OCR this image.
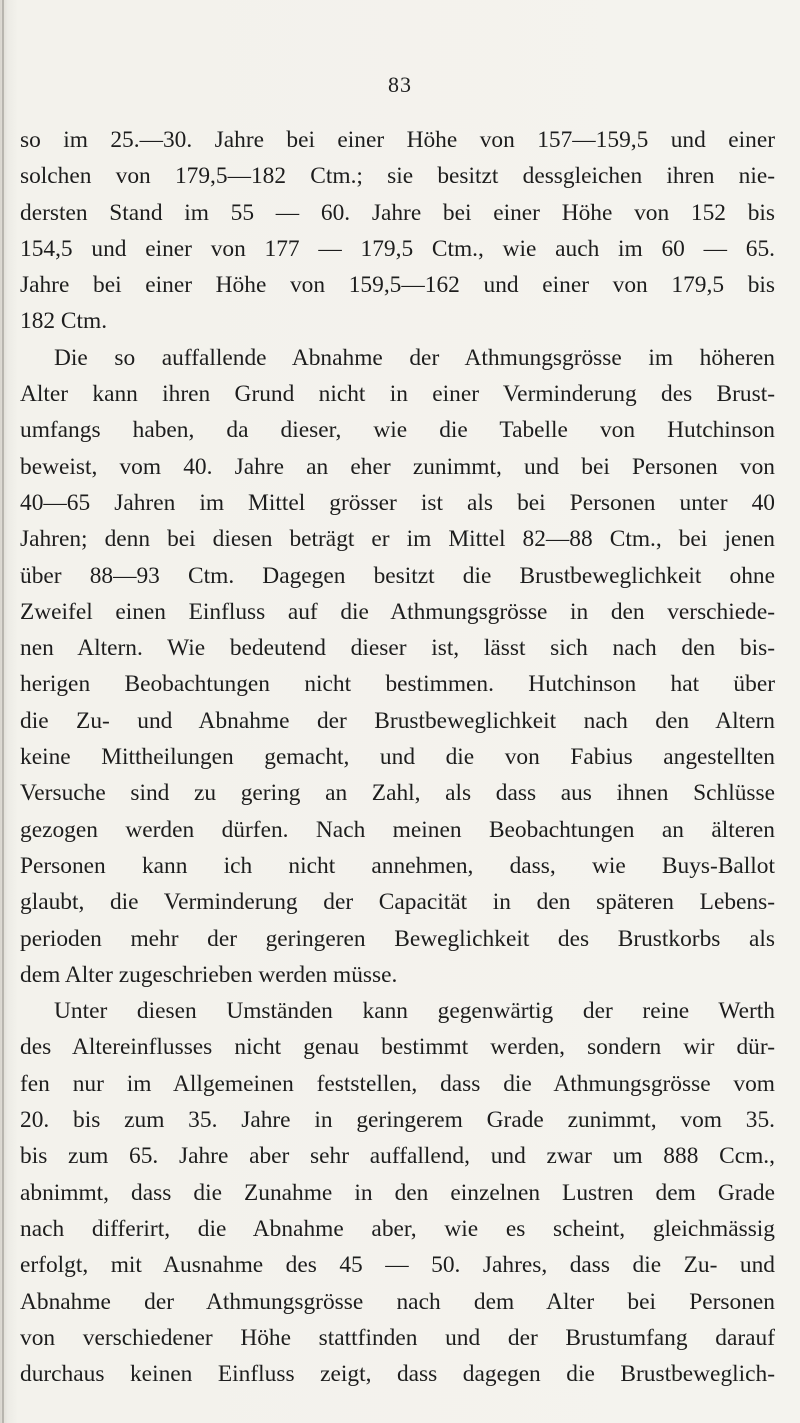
83
so im 25.—30. Jahre bei einer Höhe von 157—159,5 und einer
solchen von 179,5—182 Ctm.; sie besitzt dessgleichen ihren nie-
dersten Stand im 55 — 60. Jahre bei einer Höhe von 152 bis
154,5 und einer von 177 — 179,5 Ctm., wie auch im 60 — 65.
Jahre bei einer Höhe von 159,5—162 und einer von 179,5 bis
182 Ctm.
Die so auffallende Abnahme der Athmungsgrösse im höheren
Alter kann ihren Grund nicht in einer Verminderung des Brust-
umfangs haben, da dieser, wie die Tabelle von Hutchinson
beweist, vom 40. Jahre an eher zunimmt, und bei Personen von
40—65 Jahren im Mittel grösser ist als bei Personen unter 40
Jahren; denn bei diesen beträgt er im Mittel 82—88 Ctm., bei jenen
über 88—93 Ctm. Dagegen besitzt die Brustbeweglichkeit ohne
Zweifel einen Einfluss auf die Athmungsgrösse in den verschiede-
nen Altern. Wie bedeutend dieser ist, lässt sich nach den bis-
herigen Beobachtungen nicht bestimmen. Hutchinson hat über
die Zu- und Abnahme der Brustbeweglichkeit nach den Altern
keine Mittheilungen gemacht, und die von Fabius angestellten
Versuche sind zu gering an Zahl, als dass aus ihnen Schlüsse
gezogen werden dürfen. Nach meinen Beobachtungen an älteren
Personen kann ich nicht annehmen, dass, wie Buys-Ballot
glaubt, die Verminderung der Capacität in den späteren Lebens-
perioden mehr der geringeren Beweglichkeit des Brustkorbs als
dem Alter zugeschrieben werden müsse.
Unter diesen Umständen kann gegenwärtig der reine Werth
des Altereinflusses nicht genau bestimmt werden, sondern wir dür-
fen nur im Allgemeinen feststellen, dass die Athmungsgrösse vom
20. bis zum 35. Jahre in geringerem Grade zunimmt, vom 35.
bis zum 65. Jahre aber sehr auffallend, und zwar um 888 Ccm.,
abnimmt, dass die Zunahme in den einzelnen Lustren dem Grade
nach differirt, die Abnahme aber, wie es scheint, gleichmässig
erfolgt, mit Ausnahme des 45 — 50. Jahres, dass die Zu- und
Abnahme der Athmungsgrösse nach dem Alter bei Personen
von verschiedener Höhe stattfinden und der Brustumfang darauf
durchaus keinen Einfluss zeigt, dass dagegen die Brustbeweglich-
